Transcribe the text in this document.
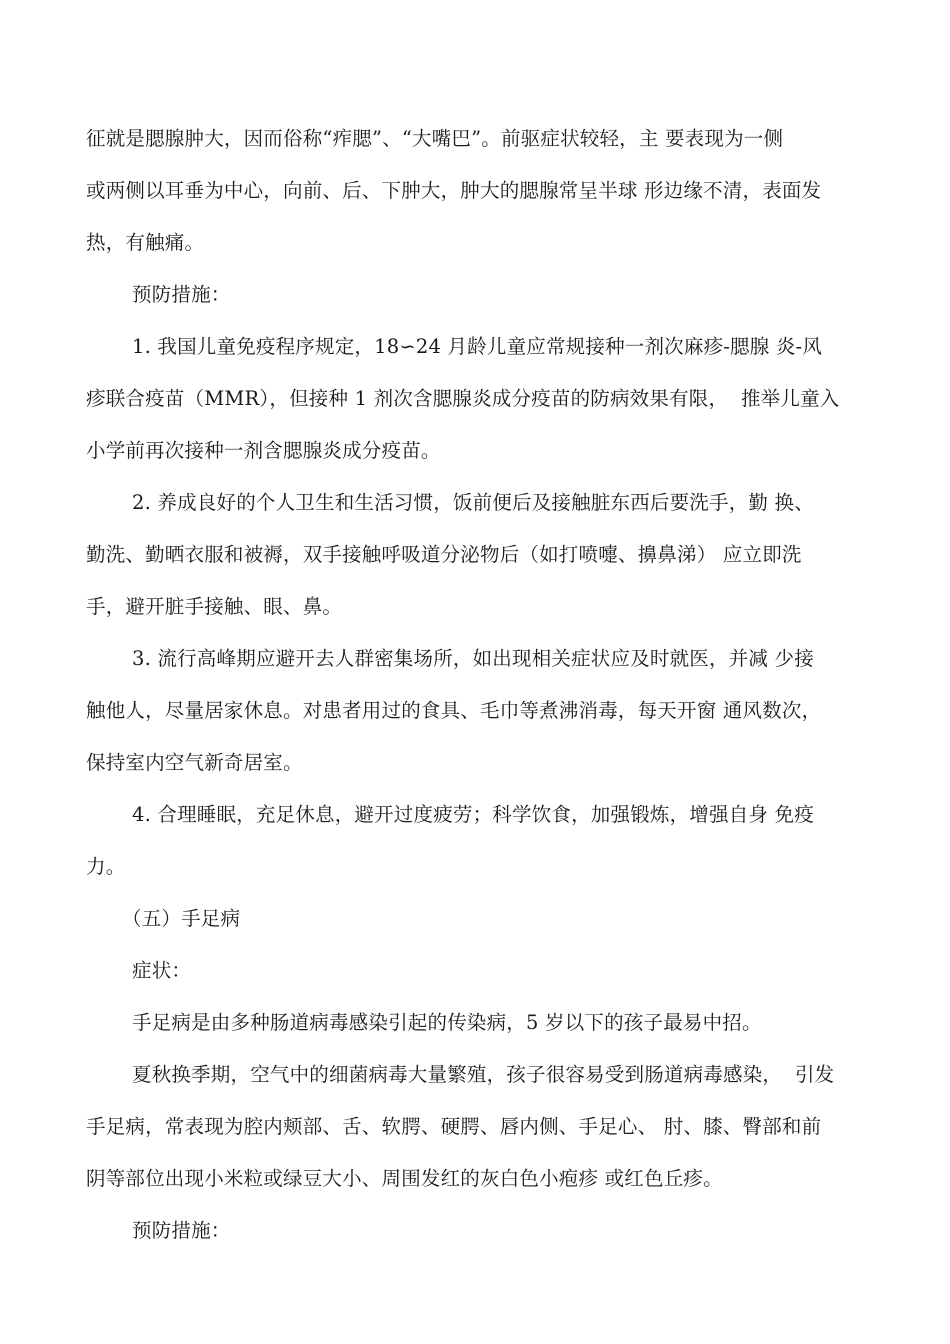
征就是腮腺肿大，因而俗称“痄腮”、“大嘴巴”。前驱症状较轻，主 要表现为一侧
或两侧以耳垂为中心，向前、后、下肿大，肿大的腮腺常呈半球 形边缘不清，表面发
热，有触痛。
预防措施：
1. 我国儿童免疫程序规定，18∽24 月龄儿童应常规接种一剂次麻疹-腮腺 炎-风
疹联合疫苗（MMR），但接种 1 剂次含腮腺炎成分疫苗的防病效果有限，  推举儿童入
小学前再次接种一剂含腮腺炎成分疫苗。
2. 养成良好的个人卫生和生活习惯，饭前便后及接触脏东西后要洗手，勤 换、
勤洗、勤晒衣服和被褥，双手接触呼吸道分泌物后（如打喷嚏、擤鼻涕） 应立即洗
手，避开脏手接触、眼、鼻。
3. 流行高峰期应避开去人群密集场所，如出现相关症状应及时就医，并减 少接
触他人，尽量居家休息。对患者用过的食具、毛巾等煮沸消毒，每天开窗 通风数次，
保持室内空气新奇居室。
4. 合理睡眠，充足休息，避开过度疲劳；科学饮食，加强锻炼，增强自身 免疫
力。
（五）手足病
症状：
手足病是由多种肠道病毒感染引起的传染病，5 岁以下的孩子最易中招。
夏秋换季期，空气中的细菌病毒大量繁殖，孩子很容易受到肠道病毒感染，  引发
手足病，常表现为腔内颊部、舌、软腭、硬腭、唇内侧、手足心、 肘、膝、臀部和前
阴等部位出现小米粒或绿豆大小、周围发红的灰白色小疱疹 或红色丘疹。
预防措施：
